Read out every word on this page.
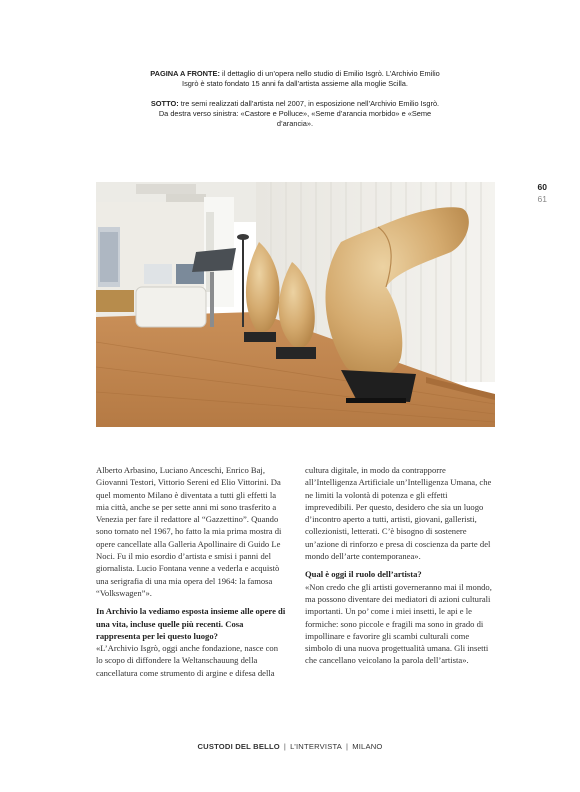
PAGINA A FRONTE: il dettaglio di un’opera nello studio di Emilio Isgrò. L’Archivio Emilio Isgrò è stato fondato 15 anni fa dall’artista assieme alla moglie Scilla.

SOTTO: tre semi realizzati dall’artista nel 2007, in esposizione nell’Archivio Emilio Isgrò. Da destra verso sinistra: «Castore e Polluce», «Seme d’arancia morbido» e «Seme d’arancia».

60
61

Alberto Arbasino, Luciano Anceschi, Enrico Baj, Giovanni Testori, Vittorio Sereni ed Elio Vittorini. Da quel momento Milano è diventata a tutti gli effetti la mia città, anche se per sette anni mi sono trasferito a Venezia per fare il redattore al “Gazzettino”. Quando sono tornato nel 1967, ho fatto la mia prima mostra di opere cancellate alla Galleria Apollinaire di Guido Le Noci. Fu il mio esordio d’artista e smisi i panni del giornalista. Lucio Fontana venne a vederla e acquistò una serigrafia di una mia opera del 1964: la famosa “Volkswagen”».

In Archivio la vediamo esposta insieme alle opere di una vita, incluse quelle più recenti. Cosa rappresenta per lei questo luogo?

«L’Archivio Isgrò, oggi anche fondazione, nasce con lo scopo di diffondere la Weltanschauung della cancellatura come strumento di argine e difesa della

cultura digitale, in modo da contrapporre all’Intelligenza Artificiale un’Intelligenza Umana, che ne limiti la volontà di potenza e gli effetti imprevedibili. Per questo, desidero che sia un luogo d’incontro aperto a tutti, artisti, giovani, galleristi, collezionisti, letterati. C’è bisogno di sostenere un’azione di rinforzo e presa di coscienza da parte del mondo dell’arte contemporanea».

Qual è oggi il ruolo dell’artista?

«Non credo che gli artisti governeranno mai il mondo, ma possono diventare dei mediatori di azioni culturali importanti. Un po’ come i miei insetti, le api e le formiche: sono piccole e fragili ma sono in grado di impollinare e favorire gli scambi culturali come simbolo di una nuova progettualità umana. Gli insetti che cancellano veicolano la parola dell’artista».

CUSTODI DEL BELLO | L’INTERVISTA | MILANO
